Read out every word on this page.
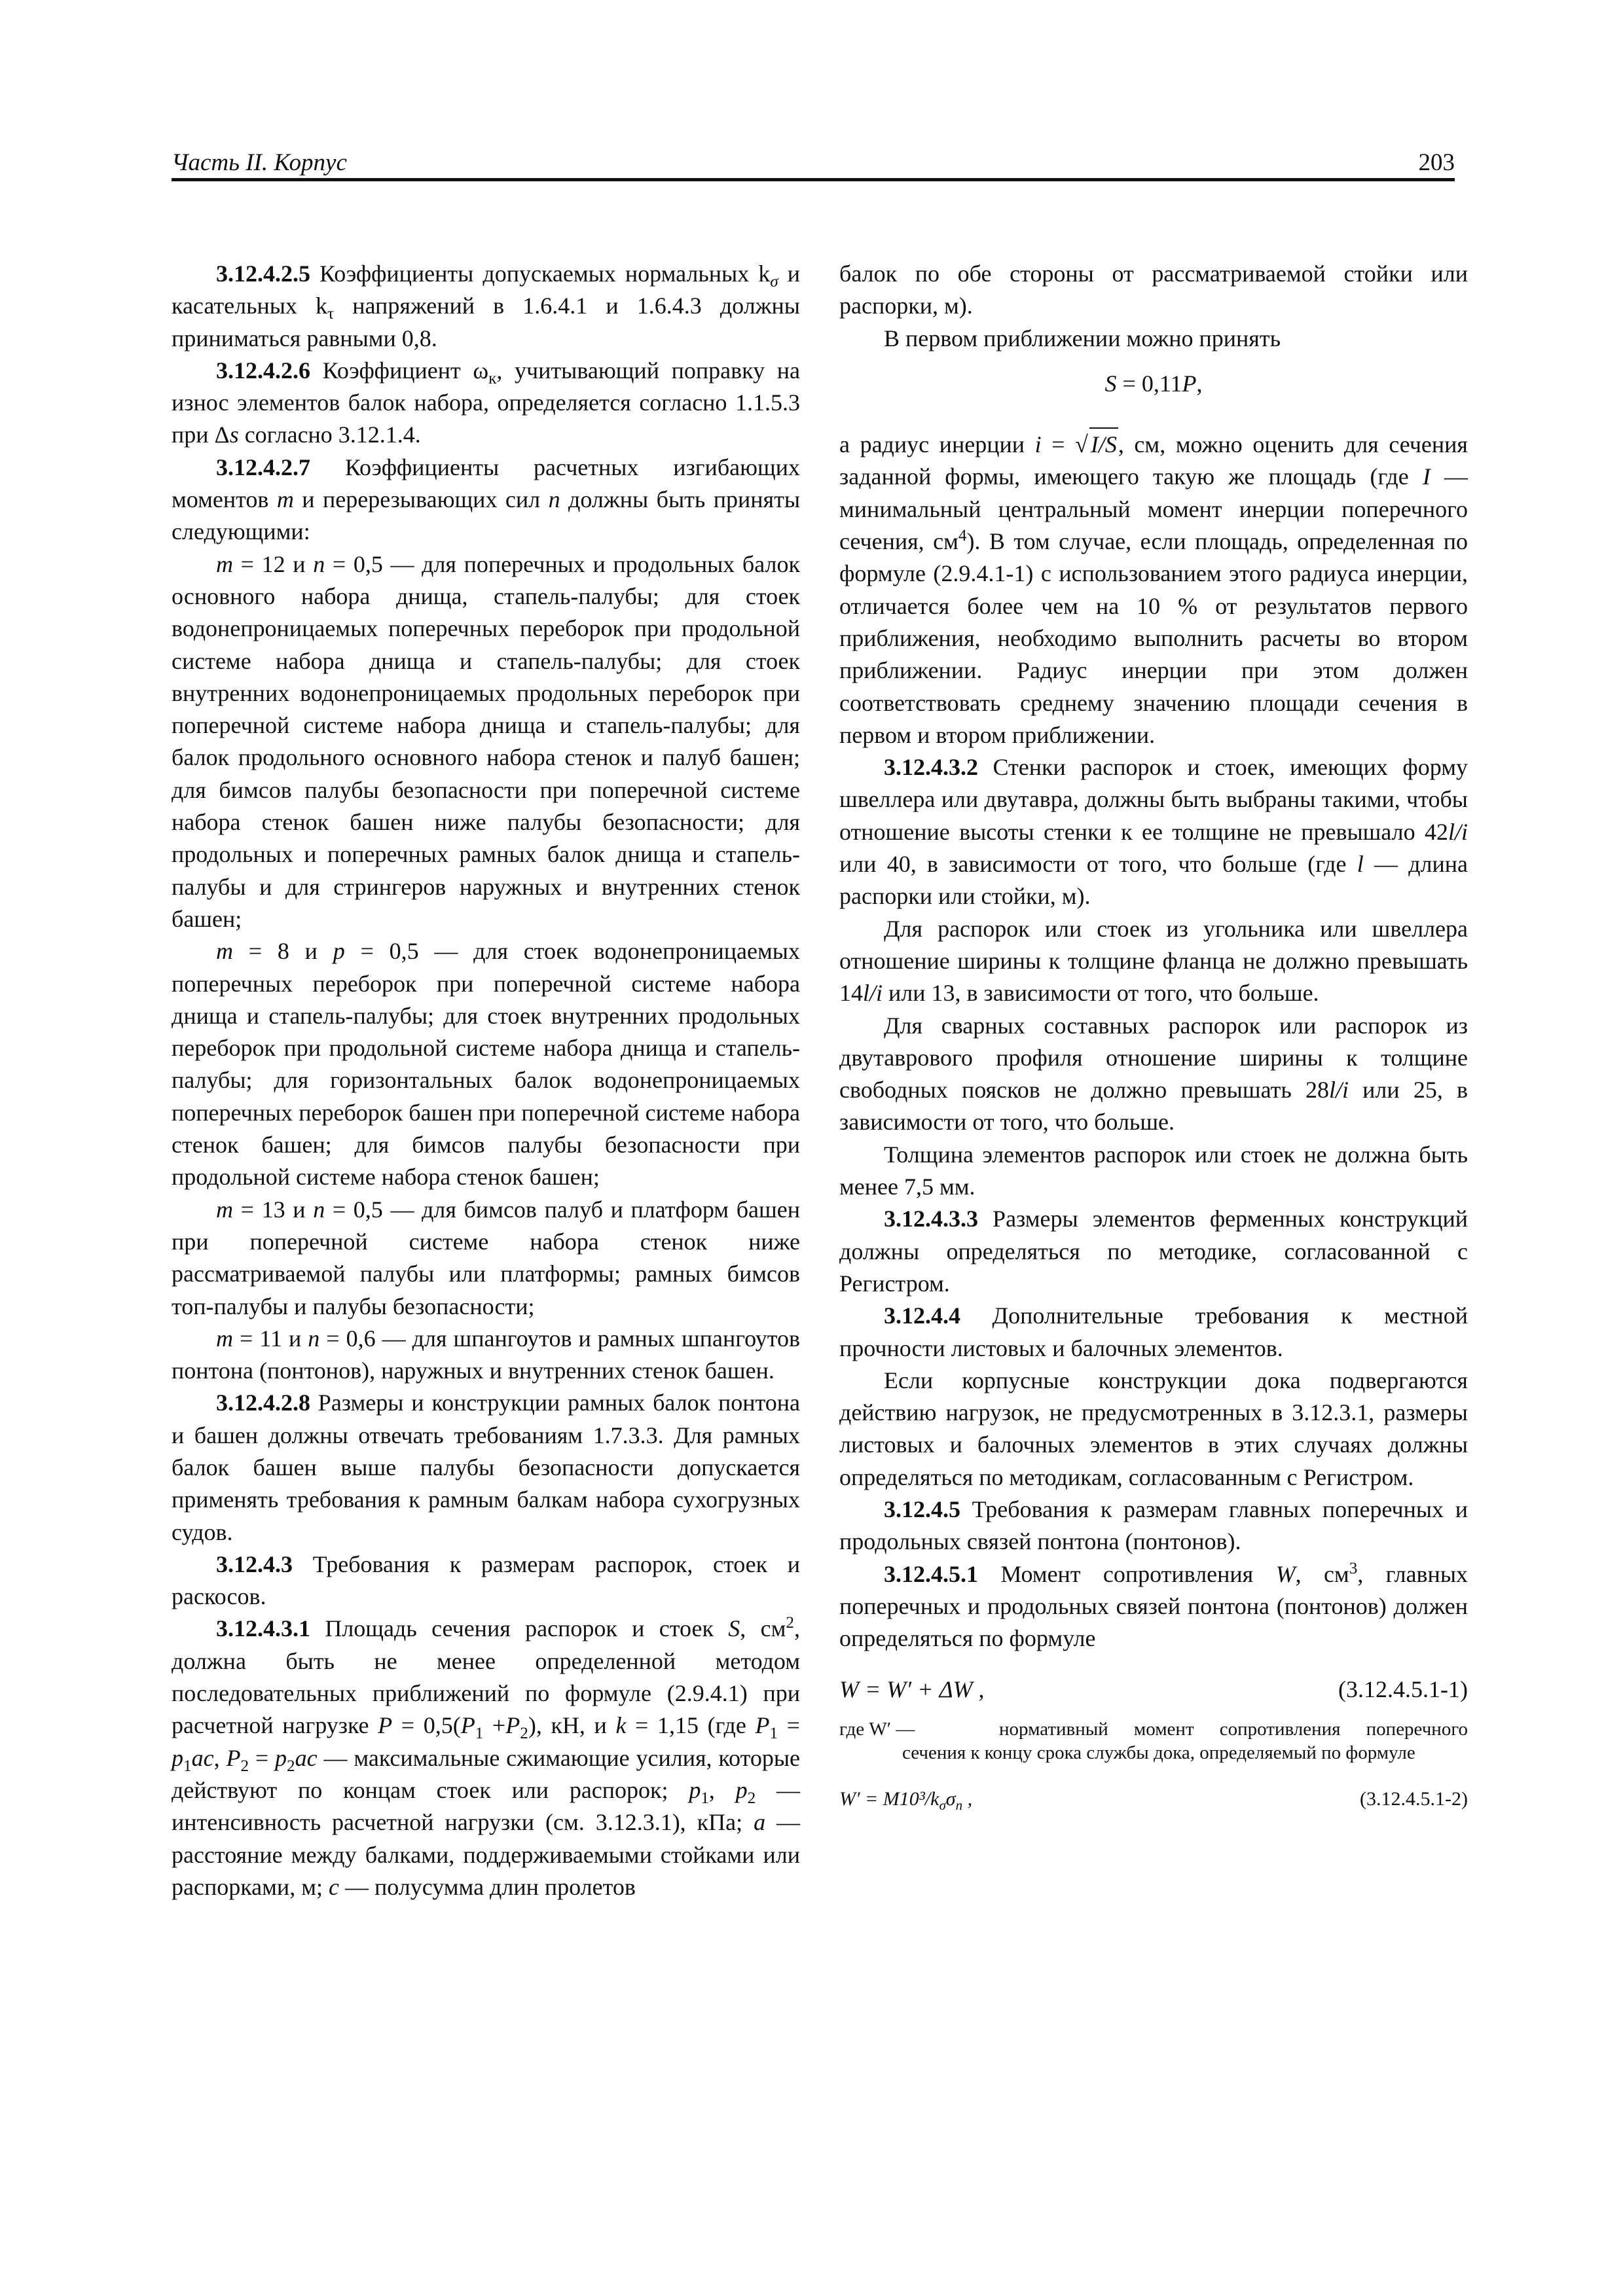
Часть II. Корпус	203

3.12.4.2.5 Коэффициенты допускаемых нормальных $k_\sigma$ и касательных $k_\tau$ напряжений в 1.6.4.1 и 1.6.4.3 должны приниматься равными 0,8.

3.12.4.2.6 Коэффициент $\omega_к$, учитывающий поправку на износ элементов балок набора, определяется согласно 1.1.5.3 при Δs согласно 3.12.1.4.

3.12.4.2.7 Коэффициенты расчетных изгибающих моментов m и перерезывающих сил n должны быть приняты следующими:

m = 12 и n = 0,5 — для поперечных и продольных балок основного набора днища, стапель-палубы; для стоек водонепроницаемых поперечных переборок при продольной системе набора днища и стапель-палубы; для стоек внутренних водонепроницаемых продольных переборок при поперечной системе набора днища и стапель-палубы; для балок продольного основного набора стенок и палуб башен; для бимсов палубы безопасности при поперечной системе набора стенок башен ниже палубы безопасности; для продольных и поперечных рамных балок днища и стапель-палубы и для стрингеров наружных и внутренних стенок башен;

m = 8 и p = 0,5 — для стоек водонепроницаемых поперечных переборок при поперечной системе набора днища и стапель-палубы; для стоек внутренних продольных переборок при продольной системе набора днища и стапель-палубы; для горизонтальных балок водонепроницаемых поперечных переборок башен при поперечной системе набора стенок башен; для бимсов палубы безопасности при продольной системе набора стенок башен;

m = 13 и n = 0,5 — для бимсов палуб и платформ башен при поперечной системе набора стенок ниже рассматриваемой палубы или платформы; рамных бимсов топ-палубы и палубы безопасности;

m = 11 и n = 0,6 — для шпангоутов и рамных шпангоутов понтона (понтонов), наружных и внутренних стенок башен.

3.12.4.2.8 Размеры и конструкции рамных балок понтона и башен должны отвечать требованиям 1.7.3.3. Для рамных балок башен выше палубы безопасности допускается применять требования к рамным балкам набора сухогрузных судов.

3.12.4.3 Требования к размерам распорок, стоек и раскосов.

3.12.4.3.1 Площадь сечения распорок и стоек S, $см^2$, должна быть не менее определенной методом последовательных приближений по формуле (2.9.4.1) при расчетной нагрузке $P = 0,5(P_1 +P_2)$, кН, и k = 1,15 (где $P_1 = p_1ac$, $P_2 = p_2ac$ — максимальные сжимающие усилия, которые действуют по концам стоек или распорок; $p_1$, $p_2$ — интенсивность расчетной нагрузки (см. 3.12.3.1), кПа; a — расстояние между балками, поддерживаемыми стойками или распорками, м; c — полусумма длин пролетов

балок по обе стороны от рассматриваемой стойки или распорки, м).

В первом приближении можно принять

S = 0,11P,

а радиус инерции i = √ I/S, см, можно оценить для сечения заданной формы, имеющего такую же площадь (где I — минимальный центральный момент инерции поперечного сечения, $см^4$). В том случае, если площадь, определенная по формуле (2.9.4.1-1) с использованием этого радиуса инерции, отличается более чем на 10 % от результатов первого приближения, необходимо выполнить расчеты во втором приближении. Радиус инерции при этом должен соответствовать среднему значению площади сечения в первом и втором приближении.

3.12.4.3.2 Стенки распорок и стоек, имеющих форму швеллера или двутавра, должны быть выбраны такими, чтобы отношение высоты стенки к ее толщине не превышало 42l/i или 40, в зависимости от того, что больше (где l — длина распорки или стойки, м).

Для распорок или стоек из угольника или швеллера отношение ширины к толщине фланца не должно превышать 14l/i или 13, в зависимости от того, что больше.

Для сварных составных распорок или распорок из двутаврового профиля отношение ширины к толщине свободных поясков не должно превышать 28l/i или 25, в зависимости от того, что больше.

Толщина элементов распорок или стоек не должна быть менее 7,5 мм.

3.12.4.3.3 Размеры элементов ферменных конструкций должны определяться по методике, согласованной с Регистром.

3.12.4.4 Дополнительные требования к местной прочности листовых и балочных элементов.

Если корпусные конструкции дока подвергаются действию нагрузок, не предусмотренных в 3.12.3.1, размеры листовых и балочных элементов в этих случаях должны определяться по методикам, согласованным с Регистром.

3.12.4.5 Требования к размерам главных поперечных и продольных связей понтона (понтонов).

3.12.4.5.1 Момент сопротивления W, $см^3$, главных поперечных и продольных связей понтона (понтонов) должен определяться по формуле

W = W′ + ΔW ,	(3.12.4.5.1-1)
где W′ —	нормативный момент сопротивления поперечного сечения к концу срока службы дока, определяемый по формуле
$W' = M10^3/k_\sigma\sigma_n$ ,	(3.12.4.5.1-2)
